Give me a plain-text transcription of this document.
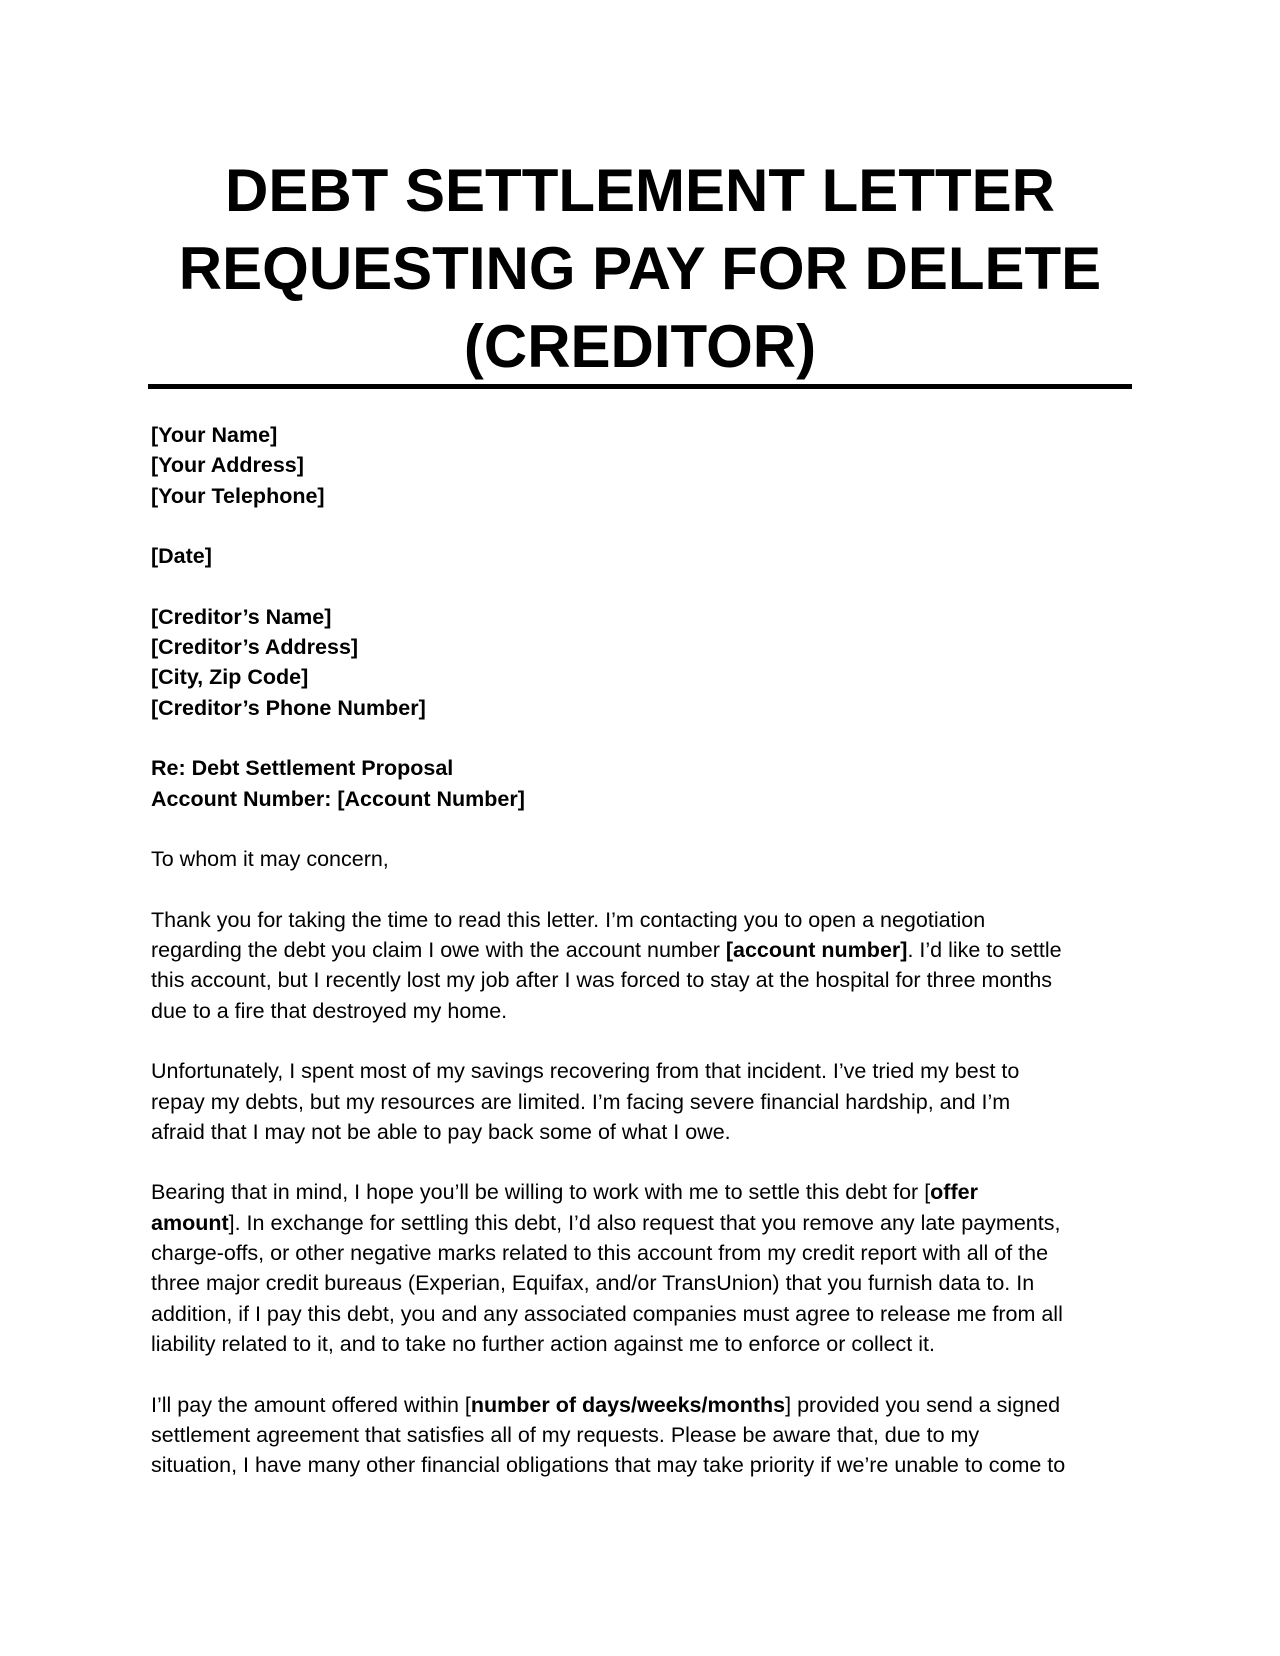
DEBT SETTLEMENT LETTER
REQUESTING PAY FOR DELETE
(CREDITOR)
[Your Name]
[Your Address]
[Your Telephone]
[Date]
[Creditor’s Name]
[Creditor’s Address]
[City, Zip Code]
[Creditor’s Phone Number]
Re: Debt Settlement Proposal
Account Number: [Account Number]
To whom it may concern,
Thank you for taking the time to read this letter. I’m contacting you to open a negotiation
regarding the debt you claim I owe with the account number [account number]. I’d like to settle
this account, but I recently lost my job after I was forced to stay at the hospital for three months
due to a fire that destroyed my home.
Unfortunately, I spent most of my savings recovering from that incident. I’ve tried my best to
repay my debts, but my resources are limited. I’m facing severe financial hardship, and I’m
afraid that I may not be able to pay back some of what I owe.
Bearing that in mind, I hope you’ll be willing to work with me to settle this debt for [offer
amount]. In exchange for settling this debt, I’d also request that you remove any late payments,
charge-offs, or other negative marks related to this account from my credit report with all of the
three major credit bureaus (Experian, Equifax, and/or TransUnion) that you furnish data to. In
addition, if I pay this debt, you and any associated companies must agree to release me from all
liability related to it, and to take no further action against me to enforce or collect it.
I’ll pay the amount offered within [number of days/weeks/months] provided you send a signed
settlement agreement that satisfies all of my requests. Please be aware that, due to my
situation, I have many other financial obligations that may take priority if we’re unable to come to
